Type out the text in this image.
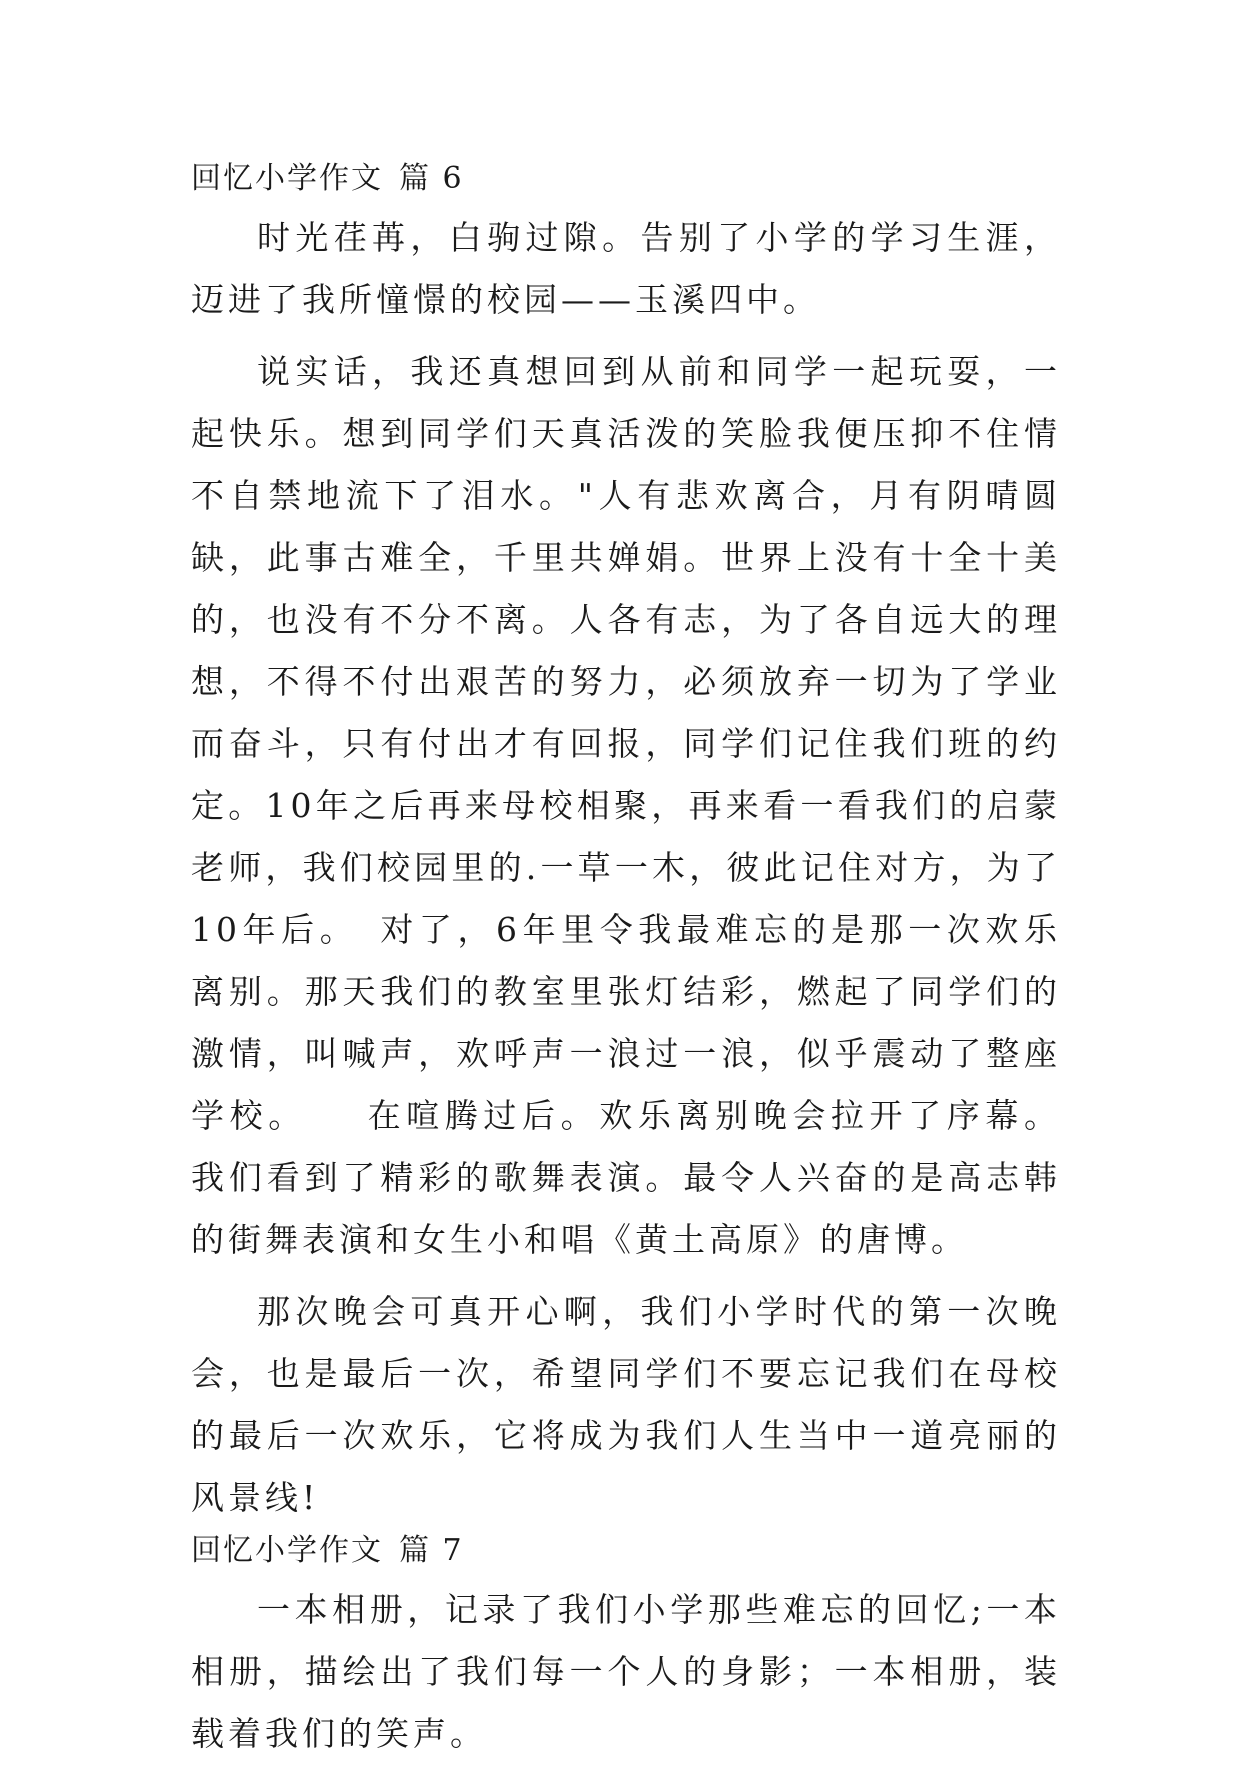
回忆小学作文 篇 6

时光荏苒，白驹过隙。告别了小学的学习生涯，迈进了我所憧憬的校园——玉溪四中。

说实话，我还真想回到从前和同学一起玩耍，一起快乐。想到同学们天真活泼的笑脸我便压抑不住情不自禁地流下了泪水。"人有悲欢离合，月有阴晴圆缺，此事古难全，千里共婵娟。世界上没有十全十美的，也没有不分不离。人各有志，为了各自远大的理想，不得不付出艰苦的努力，必须放弃一切为了学业而奋斗，只有付出才有回报，同学们记住我们班的约定。10年之后再来母校相聚，再来看一看我们的启蒙老师，我们校园里的.一草一木，彼此记住对方，为了10年后。　对了，6年里令我最难忘的是那一次欢乐离别。那天我们的教室里张灯结彩，燃起了同学们的激情，叫喊声，欢呼声一浪过一浪，似乎震动了整座学校。　　在喧腾过后。欢乐离别晚会拉开了序幕。我们看到了精彩的歌舞表演。最令人兴奋的是高志韩的街舞表演和女生小和唱《黄土高原》的唐博。

那次晚会可真开心啊，我们小学时代的第一次晚会，也是最后一次，希望同学们不要忘记我们在母校的最后一次欢乐，它将成为我们人生当中一道亮丽的风景线!

回忆小学作文 篇 7

一本相册，记录了我们小学那些难忘的回忆;一本相册，描绘出了我们每一个人的身影；一本相册，装载着我们的笑声。
